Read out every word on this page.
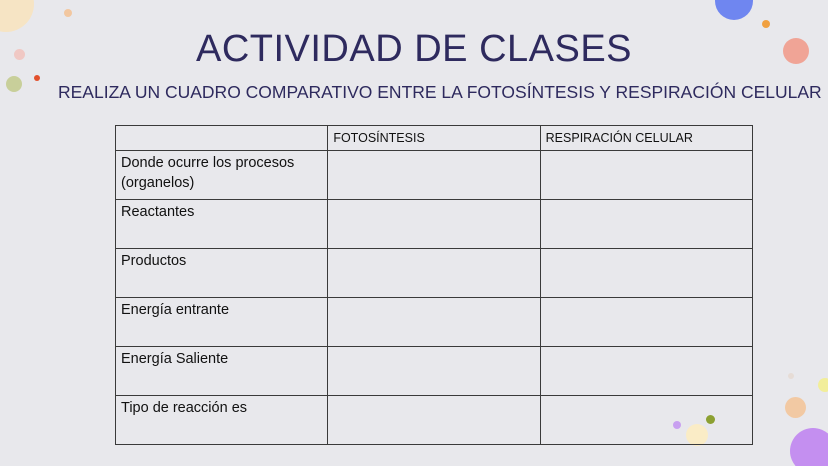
ACTIVIDAD DE CLASES
REALIZA UN CUADRO COMPARATIVO ENTRE LA FOTOSÍNTESIS Y RESPIRACIÓN CELULAR
	FOTOSÍNTESIS	RESPIRACIÓN CELULAR
Donde ocurre los procesos (organelos)		
Reactantes		
Productos		
Energía entrante		
Energía Saliente		
Tipo de reacción es		
